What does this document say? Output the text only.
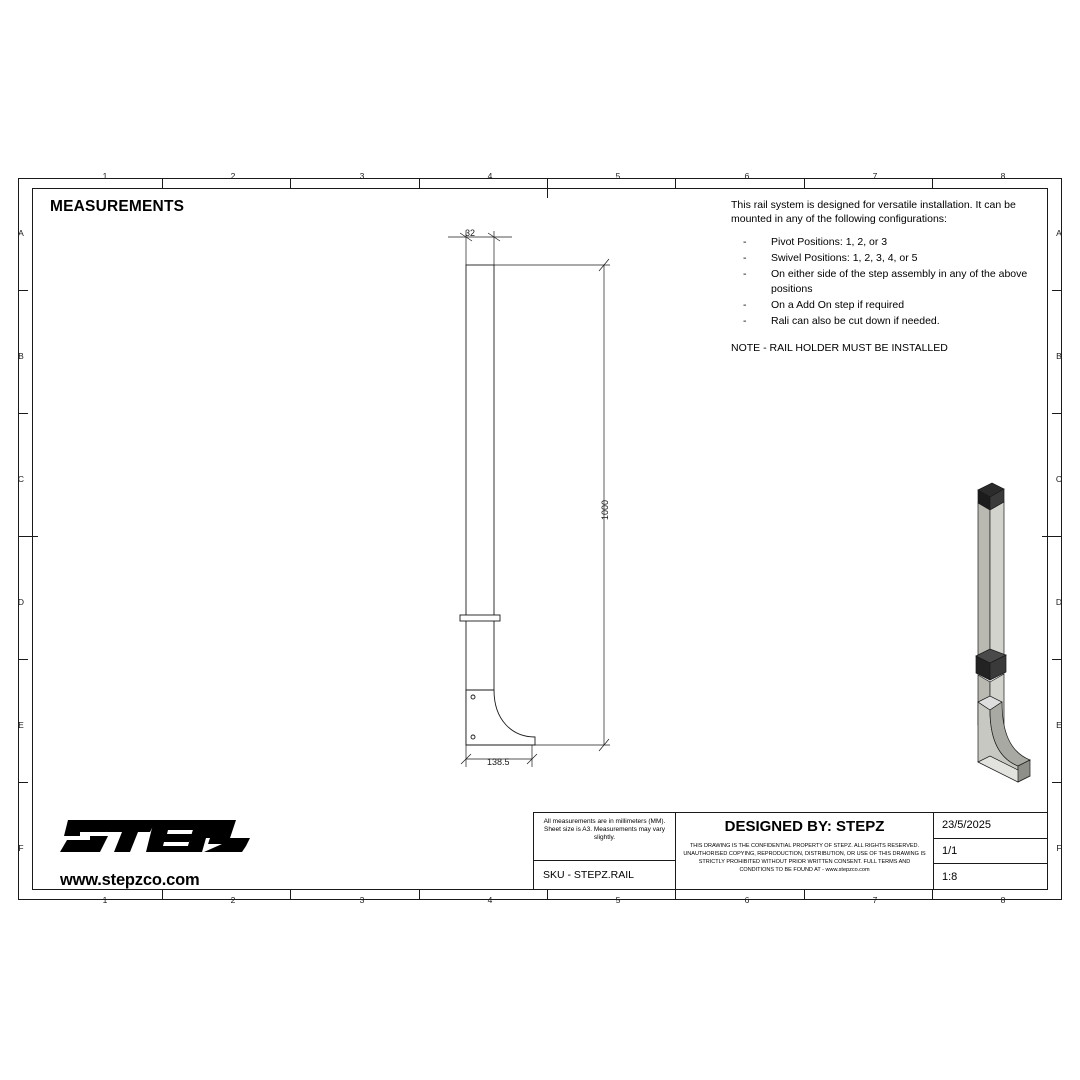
1	2	3	4	5	6	7	8
1	2	3	4	5	6	7	8
A
B
C
D
E
F
A
B
C
D
E
F
MEASUREMENTS	This rail system is designed for versatile installation. It can be mounted in any of the following configurations:

- Pivot Positions: 1, 2, or 3
- Swivel Positions: 1, 2, 3, 4, or 5
- On either side of the step assembly in any of the above positions
- On a Add On step if required
- Rali can also be cut down if needed.
NOTE - RAIL HOLDER MUST BE INSTALLED
32
1000
138.5
All measurements are in millimeters (MM). Sheet size is A3. Measurements may vary slightly.
SKU - STEPZ.RAIL
DESIGNED BY: STEPZ
THIS DRAWING IS THE CONFIDENTIAL PROPERTY OF STEPZ. ALL RIGHTS RESERVED. UNAUTHORISED COPYING, REPRODUCTION, DISTRIBUTION, OR USE OF THIS DRAWING IS STRICTLY PROHIBITED WITHOUT PRIOR WRITTEN CONSENT. FULL TERMS AND CONDITIONS TO BE FOUND AT - www.stepzco.com
23/5/2025
1/1
1:8
www.stepzco.com
